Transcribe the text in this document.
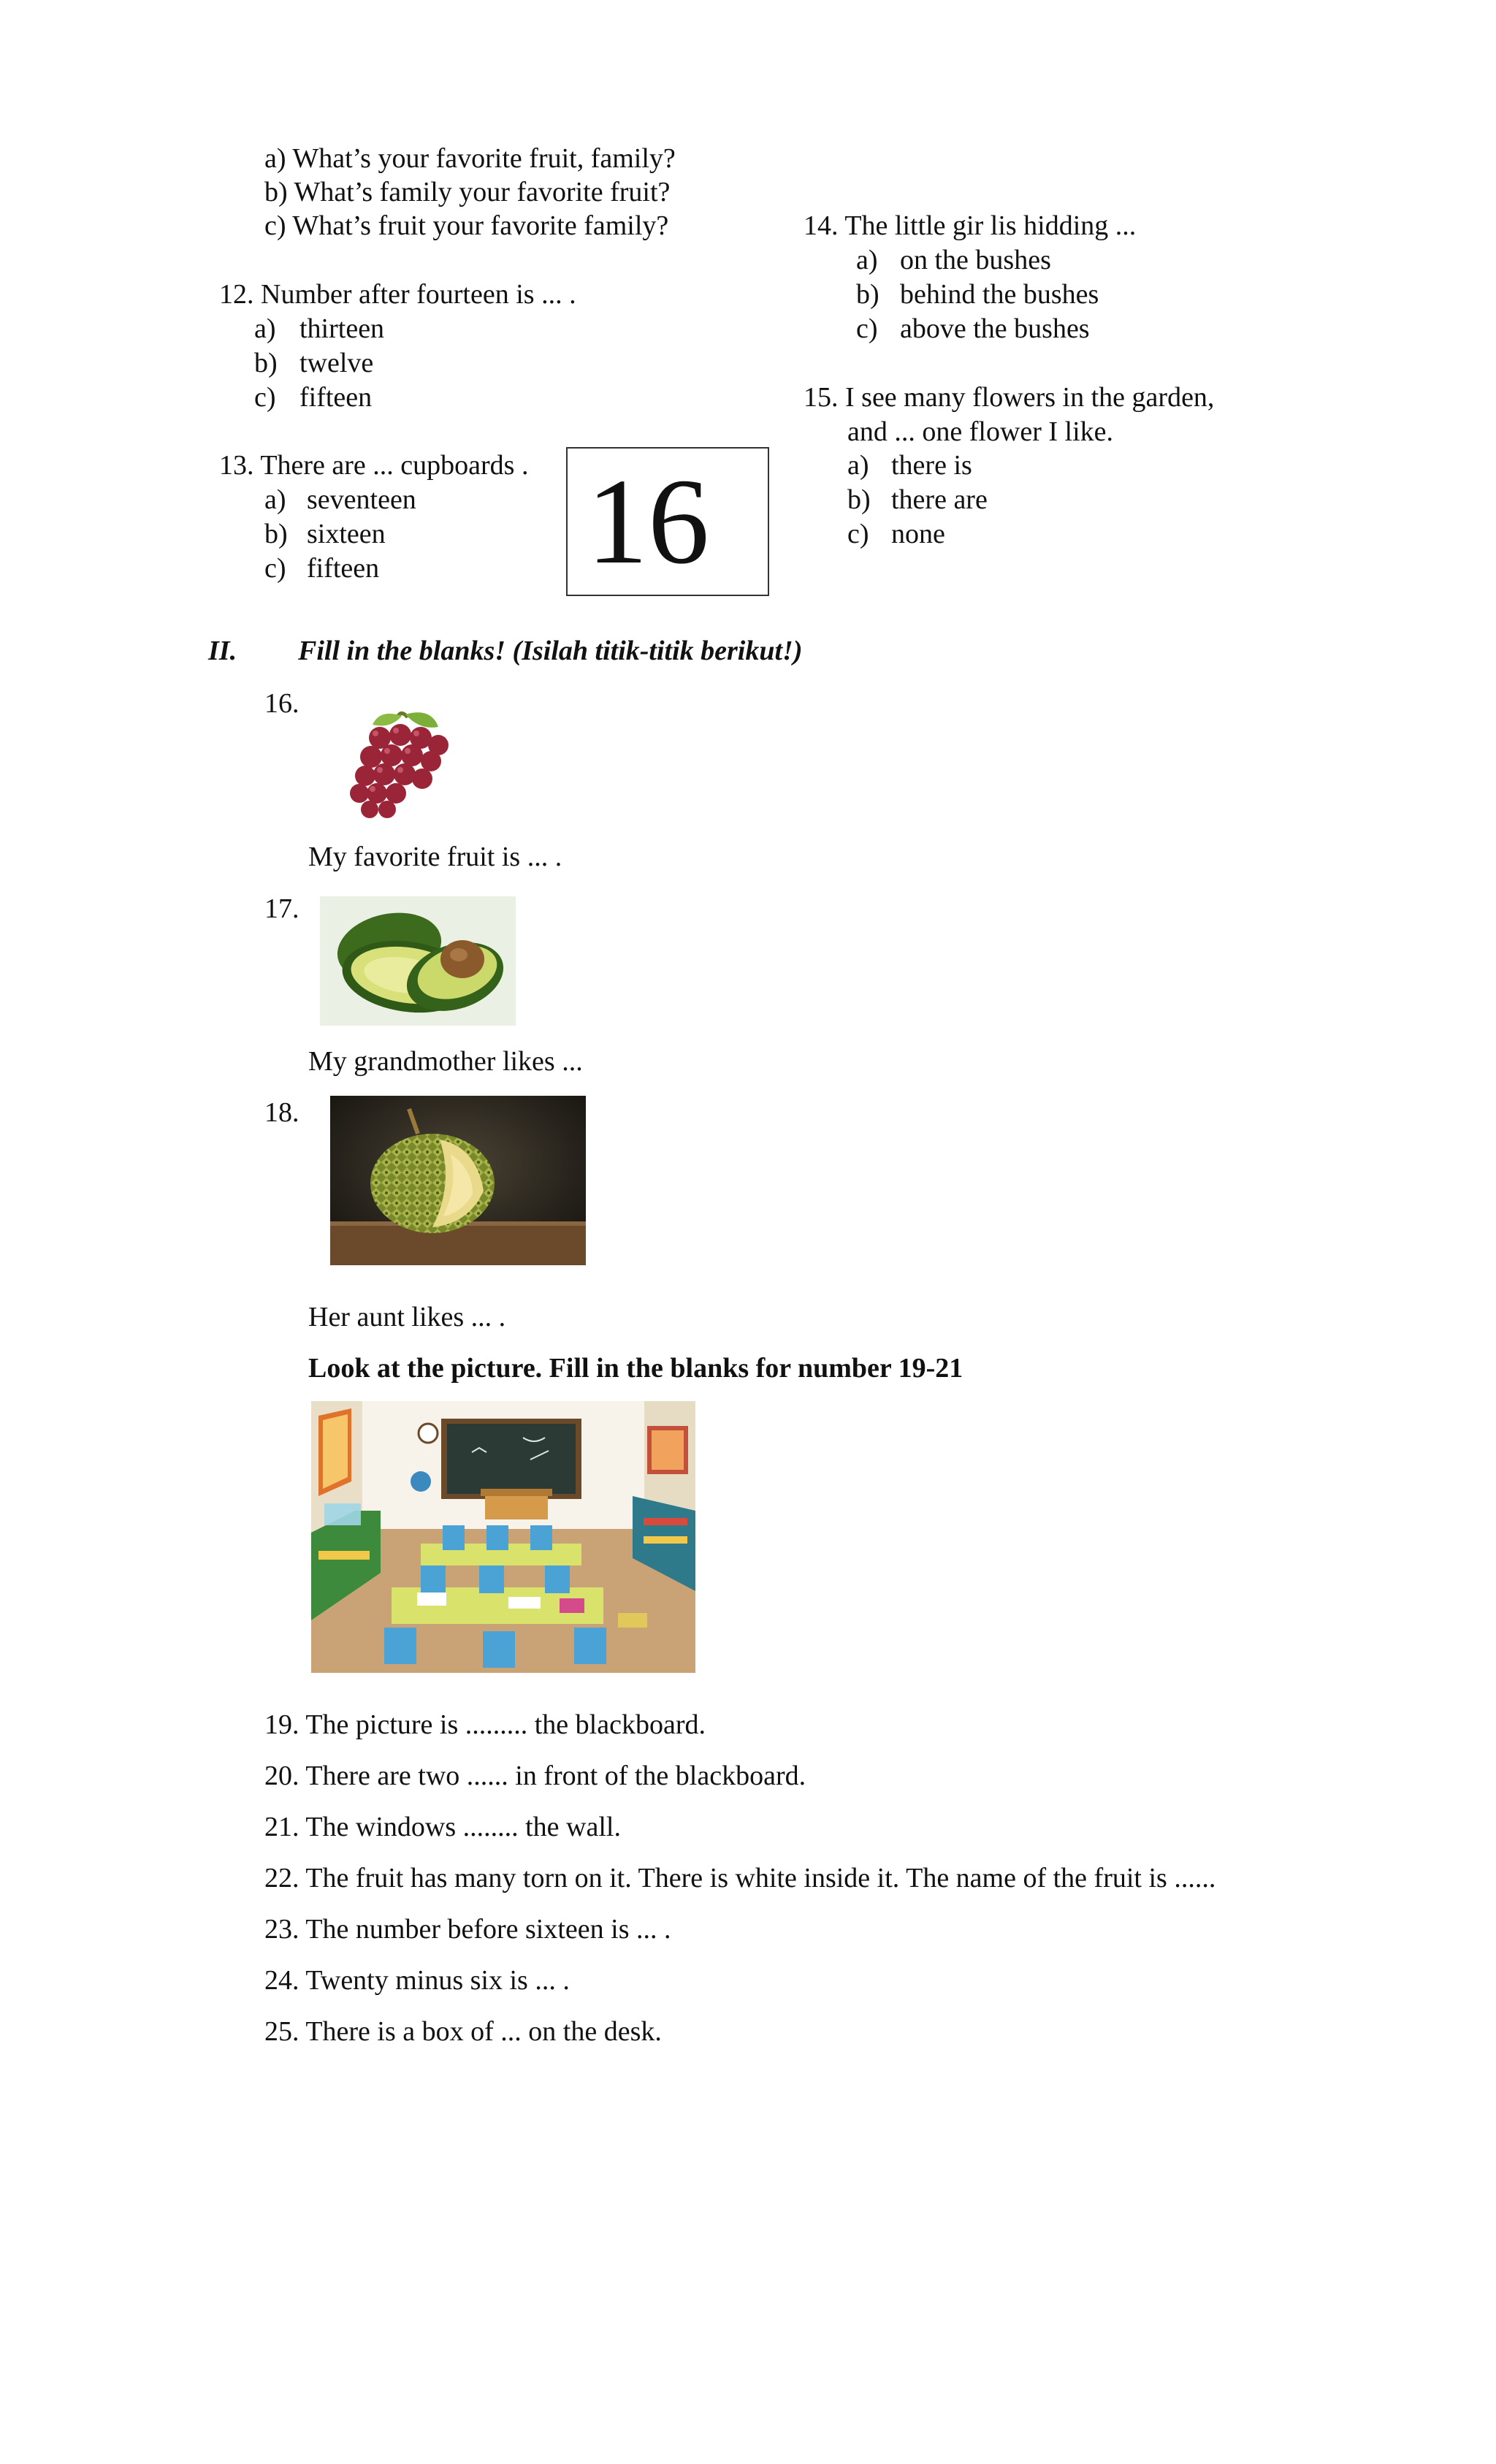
a) What’s your favorite fruit, family?
b) What’s family your favorite fruit?
c) What’s fruit your favorite family?
12. Number after fourteen is ... .
a) thirteen
b) twelve
c) fifteen
13. There are ... cupboards .
a) seventeen
b) sixteen
c) fifteen 16
14. The little gir lis hidding ...
a) on the bushes
b) behind the bushes
c) above the bushes
15. I see many flowers in the garden,
and ... one flower I like.
a) there is
b) there are
c) none
II. Fill in the blanks! (Isilah titik-titik berikut!)
16.
My favorite fruit is ... .
17.
My grandmother likes ...
18.
Her aunt likes ... .
Look at the picture. Fill in the blanks for number 19-21
19. The picture is ......... the blackboard.
20. There are two ...... in front of the blackboard.
21. The windows ........ the wall.
22. The fruit has many torn on it. There is white inside it. The name of the fruit is ......
23. The number before sixteen is ... .
24. Twenty minus six is ... .
25. There is a box of ... on the desk.
